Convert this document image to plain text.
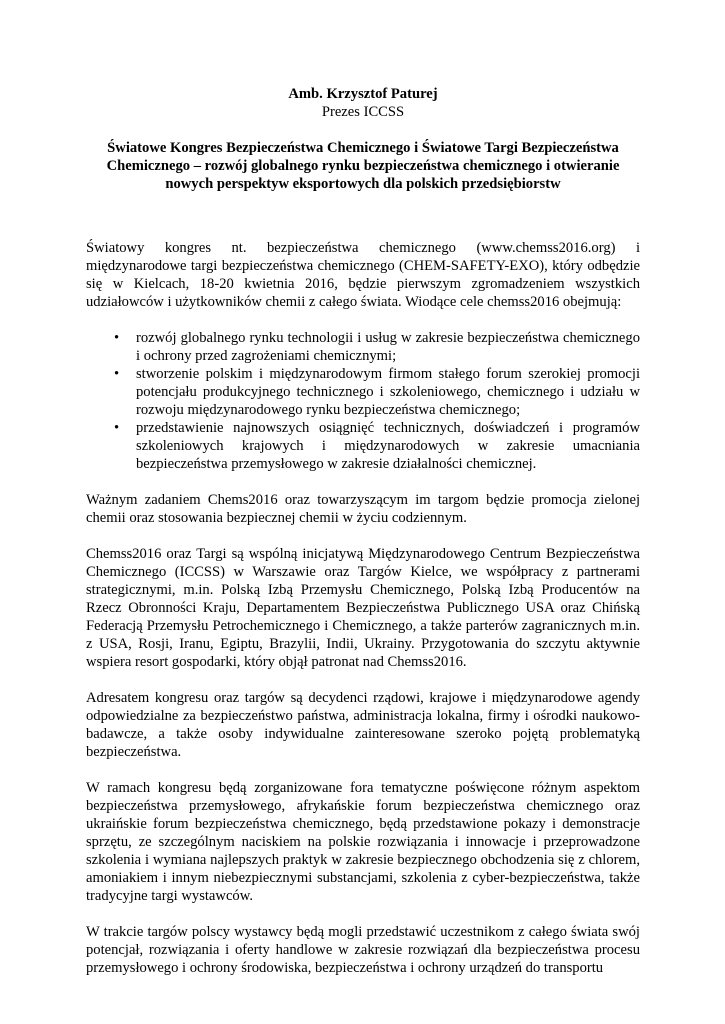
Amb. Krzysztof Paturej

Prezes ICCSS

Światowe Kongres Bezpieczeństwa Chemicznego i Światowe Targi Bezpieczeństwa
Chemicznego – rozwój globalnego rynku bezpieczeństwa chemicznego i otwieranie
nowych perspektyw eksportowych dla polskich przedsiębiorstw

Światowy kongres nt. bezpieczeństwa chemicznego (www.chemss2016.org) i międzynarodowe targi bezpieczeństwa chemicznego (CHEM-SAFETY-EXO), który odbędzie się w Kielcach, 18-20 kwietnia 2016, będzie pierwszym zgromadzeniem wszystkich udziałowców i użytkowników chemii z całego świata. Wiodące cele chemss2016 obejmują:

• rozwój globalnego rynku technologii i usług w zakresie bezpieczeństwa chemicznego i ochrony przed zagrożeniami chemicznymi;
• stworzenie polskim i międzynarodowym firmom stałego forum szerokiej promocji potencjału produkcyjnego technicznego i szkoleniowego, chemicznego i udziału w rozwoju międzynarodowego rynku bezpieczeństwa chemicznego;
• przedstawienie najnowszych osiągnięć technicznych, doświadczeń i programów szkoleniowych krajowych i międzynarodowych w zakresie umacniania bezpieczeństwa przemysłowego w zakresie działalności chemicznej.

Ważnym zadaniem Chems2016 oraz towarzyszącym im targom będzie promocja zielonej chemii oraz stosowania bezpiecznej chemii w życiu codziennym.

Chemss2016 oraz Targi są wspólną inicjatywą Międzynarodowego Centrum Bezpieczeństwa Chemicznego (ICCSS) w Warszawie oraz Targów Kielce, we współpracy z partnerami strategicznymi, m.in. Polską Izbą Przemysłu Chemicznego, Polską Izbą Producentów na Rzecz Obronności Kraju, Departamentem Bezpieczeństwa Publicznego USA oraz Chińską Federacją Przemysłu Petrochemicznego i Chemicznego, a także parterów zagranicznych m.in. z USA, Rosji, Iranu, Egiptu, Brazylii, Indii, Ukrainy. Przygotowania do szczytu aktywnie wspiera resort gospodarki, który objął patronat nad Chemss2016.

Adresatem kongresu oraz targów są decydenci rządowi, krajowe i międzynarodowe agendy odpowiedzialne za bezpieczeństwo państwa, administracja lokalna, firmy i ośrodki naukowo-badawcze, a także osoby indywidualne zainteresowane szeroko pojętą problematyką bezpieczeństwa.

W ramach kongresu będą zorganizowane fora tematyczne poświęcone różnym aspektom bezpieczeństwa przemysłowego, afrykańskie forum bezpieczeństwa chemicznego oraz ukraińskie forum bezpieczeństwa chemicznego, będą przedstawione pokazy i demonstracje sprzętu, ze szczególnym naciskiem na polskie rozwiązania i innowacje i przeprowadzone szkolenia i wymiana najlepszych praktyk w zakresie bezpiecznego obchodzenia się z chlorem, amoniakiem i innym niebezpiecznymi substancjami, szkolenia z cyber-bezpieczeństwa, także tradycyjne targi wystawców.

W trakcie targów polscy wystawcy będą mogli przedstawić uczestnikom z całego świata swój potencjał, rozwiązania i oferty handlowe w zakresie rozwiązań dla bezpieczeństwa procesu przemysłowego i ochrony środowiska, bezpieczeństwa i ochrony urządzeń do transportu
